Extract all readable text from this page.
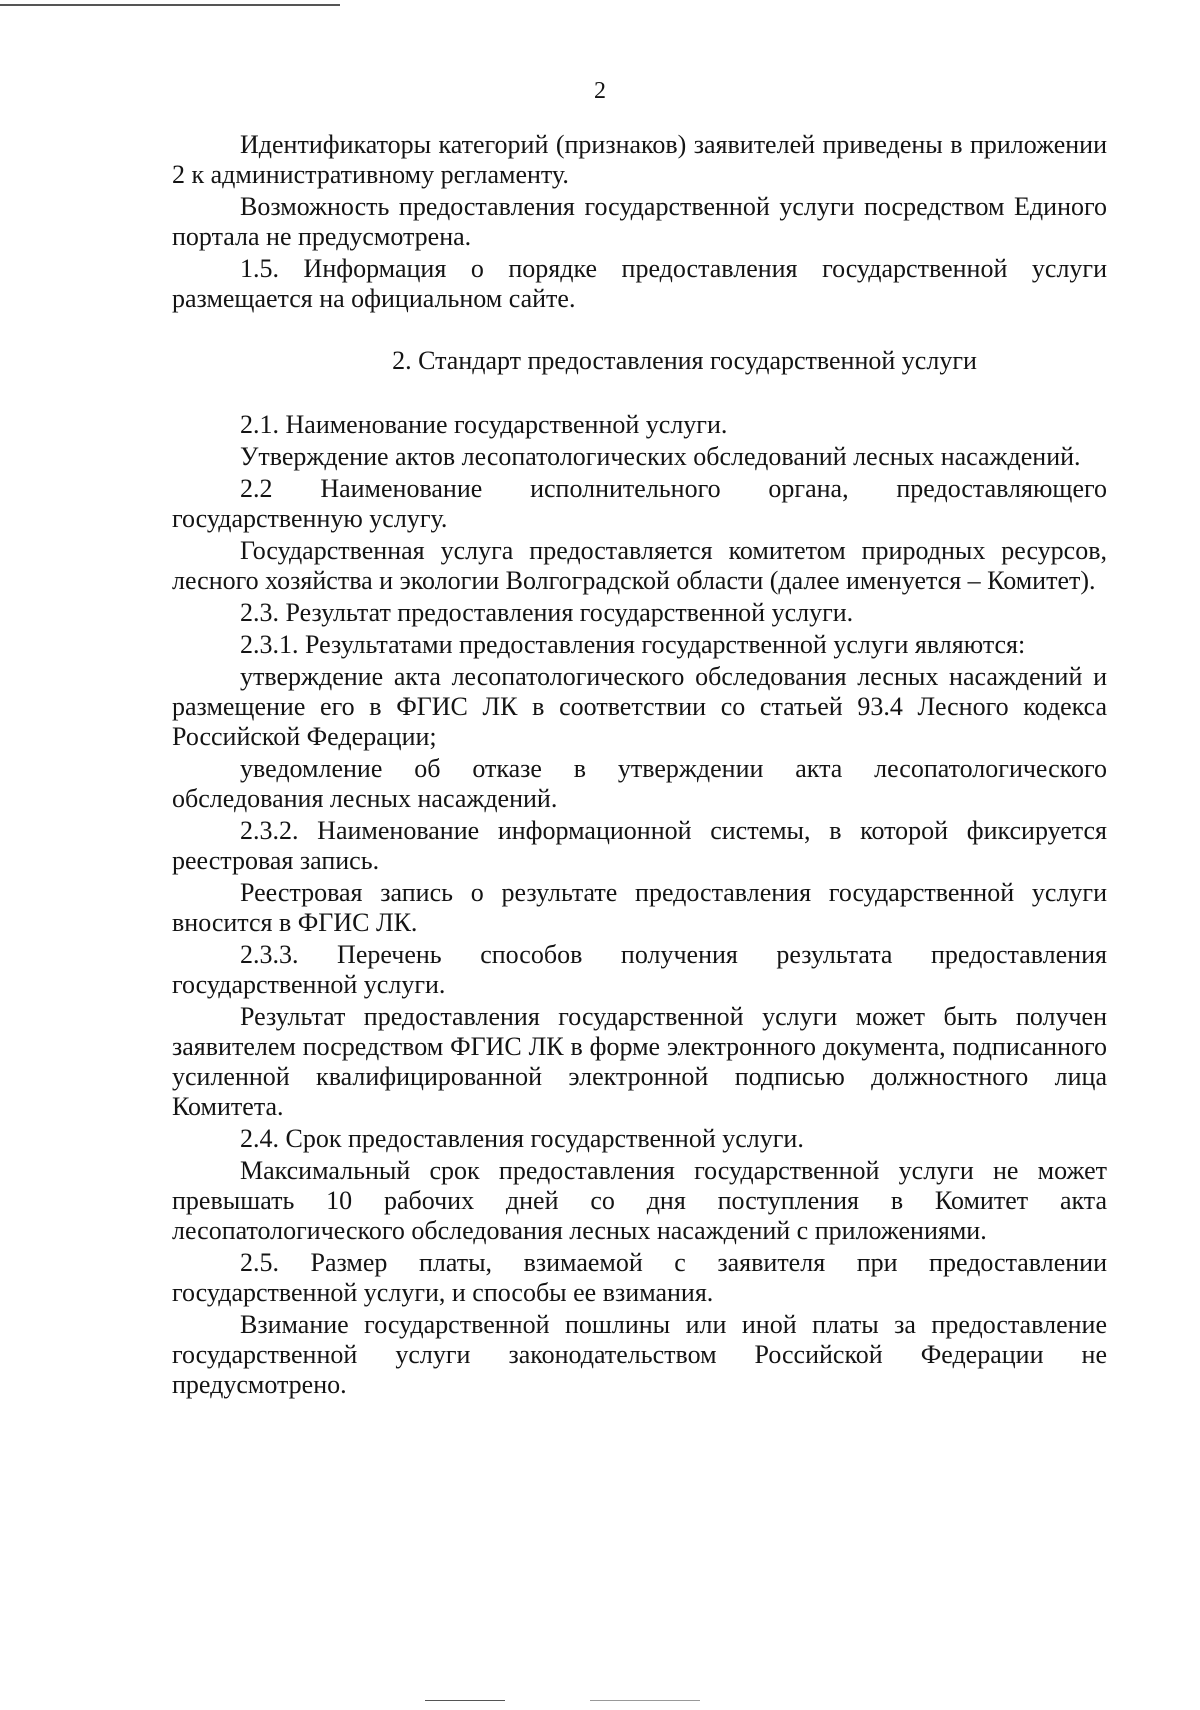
2

Идентификаторы категорий (признаков) заявителей приведены в приложении 2 к административному регламенту.

Возможность предоставления государственной услуги посредством Единого портала не предусмотрена.

1.5. Информация о порядке предоставления государственной услуги размещается на официальном сайте.

2. Стандарт предоставления государственной услуги

2.1. Наименование государственной услуги.

Утверждение актов лесопатологических обследований лесных насаждений.

2.2 Наименование исполнительного органа, предоставляющего государственную услугу.

Государственная услуга предоставляется комитетом природных ресурсов, лесного хозяйства и экологии Волгоградской области (далее именуется – Комитет).

2.3. Результат предоставления государственной услуги.

2.3.1. Результатами предоставления государственной услуги являются:

утверждение акта лесопатологического обследования лесных насаждений и размещение его в ФГИС ЛК в соответствии со статьей 93.4 Лесного кодекса Российской Федерации;

уведомление об отказе в утверждении акта лесопатологического обследования лесных насаждений.

2.3.2. Наименование информационной системы, в которой фиксируется реестровая запись.

Реестровая запись о результате предоставления государственной услуги вносится в ФГИС ЛК.

2.3.3. Перечень способов получения результата предоставления государственной услуги.

Результат предоставления государственной услуги может быть получен заявителем посредством ФГИС ЛК в форме электронного документа, подписанного усиленной квалифицированной электронной подписью должностного лица Комитета.

2.4. Срок предоставления государственной услуги.

Максимальный срок предоставления государственной услуги не может превышать 10 рабочих дней со дня поступления в Комитет акта лесопатологического обследования лесных насаждений с приложениями.

2.5. Размер платы, взимаемой с заявителя при предоставлении государственной услуги, и способы ее взимания.

Взимание государственной пошлины или иной платы за предоставление государственной услуги законодательством Российской Федерации не предусмотрено.
